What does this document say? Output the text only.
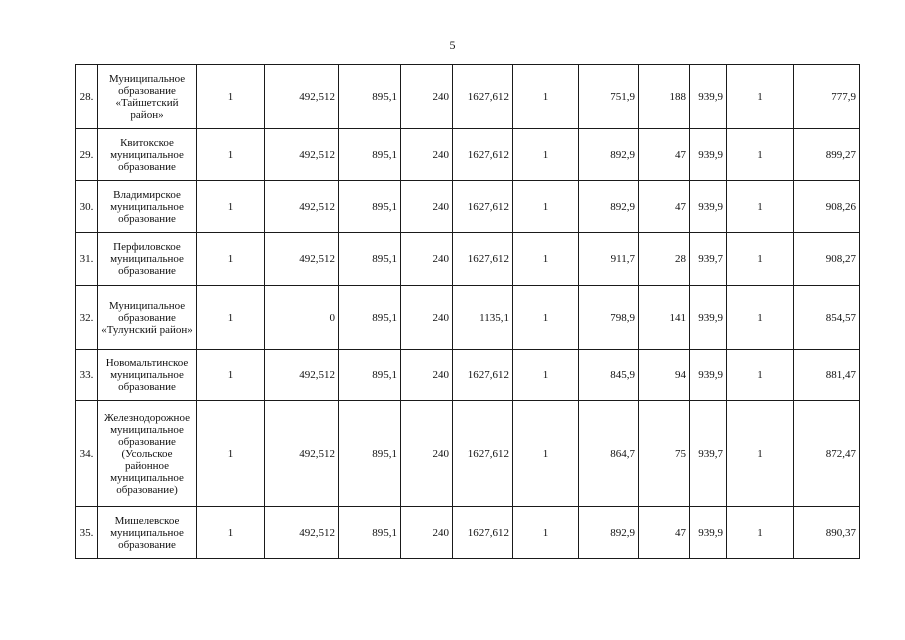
5
28.	Муниципальное образование «Тайшетский район»	1	492,512	895,1	240	1627,612	1	751,9	188	939,9	1	777,9
29.	Квитокское муниципальное образование	1	492,512	895,1	240	1627,612	1	892,9	47	939,9	1	899,27
30.	Владимирское муниципальное образование	1	492,512	895,1	240	1627,612	1	892,9	47	939,9	1	908,26
31.	Перфиловское муниципальное образование	1	492,512	895,1	240	1627,612	1	911,7	28	939,7	1	908,27
32.	Муниципальное образование «Тулунский район»	1	0	895,1	240	1135,1	1	798,9	141	939,9	1	854,57
33.	Новомальтинское муниципальное образование	1	492,512	895,1	240	1627,612	1	845,9	94	939,9	1	881,47
34.	Железнодорожное муниципальное образование (Усольское районное муниципальное образование)	1	492,512	895,1	240	1627,612	1	864,7	75	939,7	1	872,47
35.	Мишелевское муниципальное образование	1	492,512	895,1	240	1627,612	1	892,9	47	939,9	1	890,37
